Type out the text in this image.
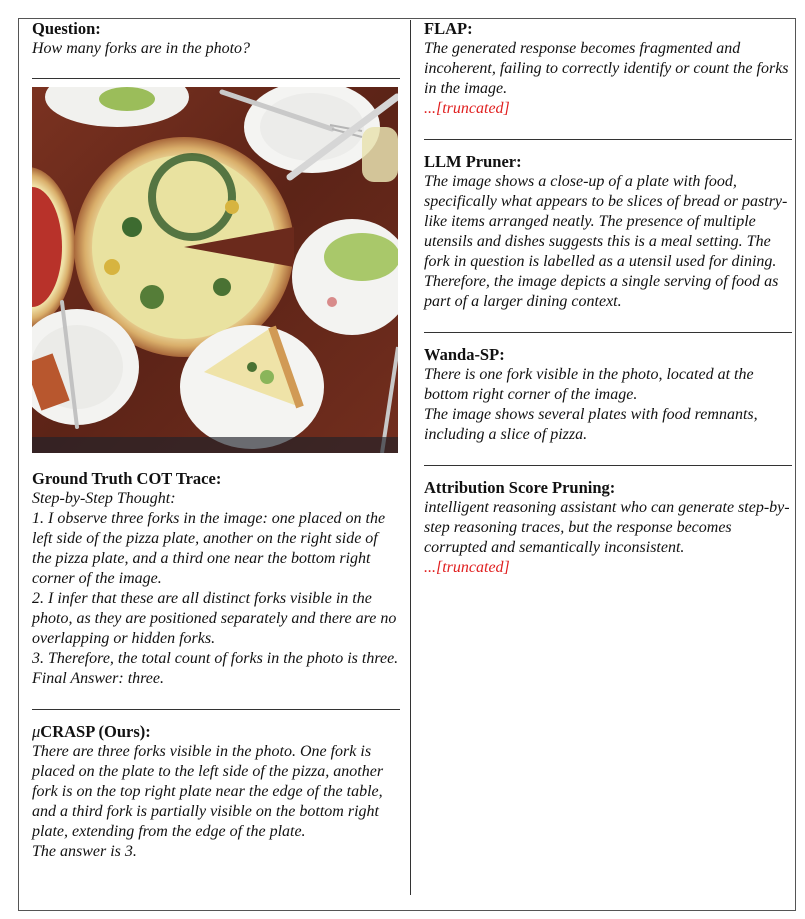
Question:

How many forks are in the photo?

Ground Truth COT Trace:

Step-by-Step Thought:

1. I observe three forks in the image: one placed on the left side of the pizza plate, another on the right side of the pizza plate, and a third one near the bottom right corner of the image.

2. I infer that these are all distinct forks visible in the photo, as they are positioned separately and there are no overlapping or hidden forks.

3. Therefore, the total count of forks in the photo is three.

Final Answer: three.

μCRASP (Ours):

There are three forks visible in the photo. One fork is placed on the plate to the left side of the pizza, another fork is on the top right plate near the edge of the table, and a third fork is partially visible on the bottom right plate, extending from the edge of the plate.

The answer is 3.

FLAP:

The generated response becomes fragmented and incoherent, failing to correctly identify or count the forks in the image.

...[truncated]

LLM Pruner:

The image shows a close-up of a plate with food, specifically what appears to be slices of bread or pastry-like items arranged neatly. The presence of multiple utensils and dishes suggests this is a meal setting. The fork in question is labelled as a utensil used for dining. Therefore, the image depicts a single serving of food as part of a larger dining context.

Wanda-SP:

There is one fork visible in the photo, located at the bottom right corner of the image.

The image shows several plates with food remnants, including a slice of pizza.

Attribution Score Pruning:

intelligent reasoning assistant who can generate step-by-step reasoning traces, but the response becomes corrupted and semantically inconsistent.

...[truncated]
